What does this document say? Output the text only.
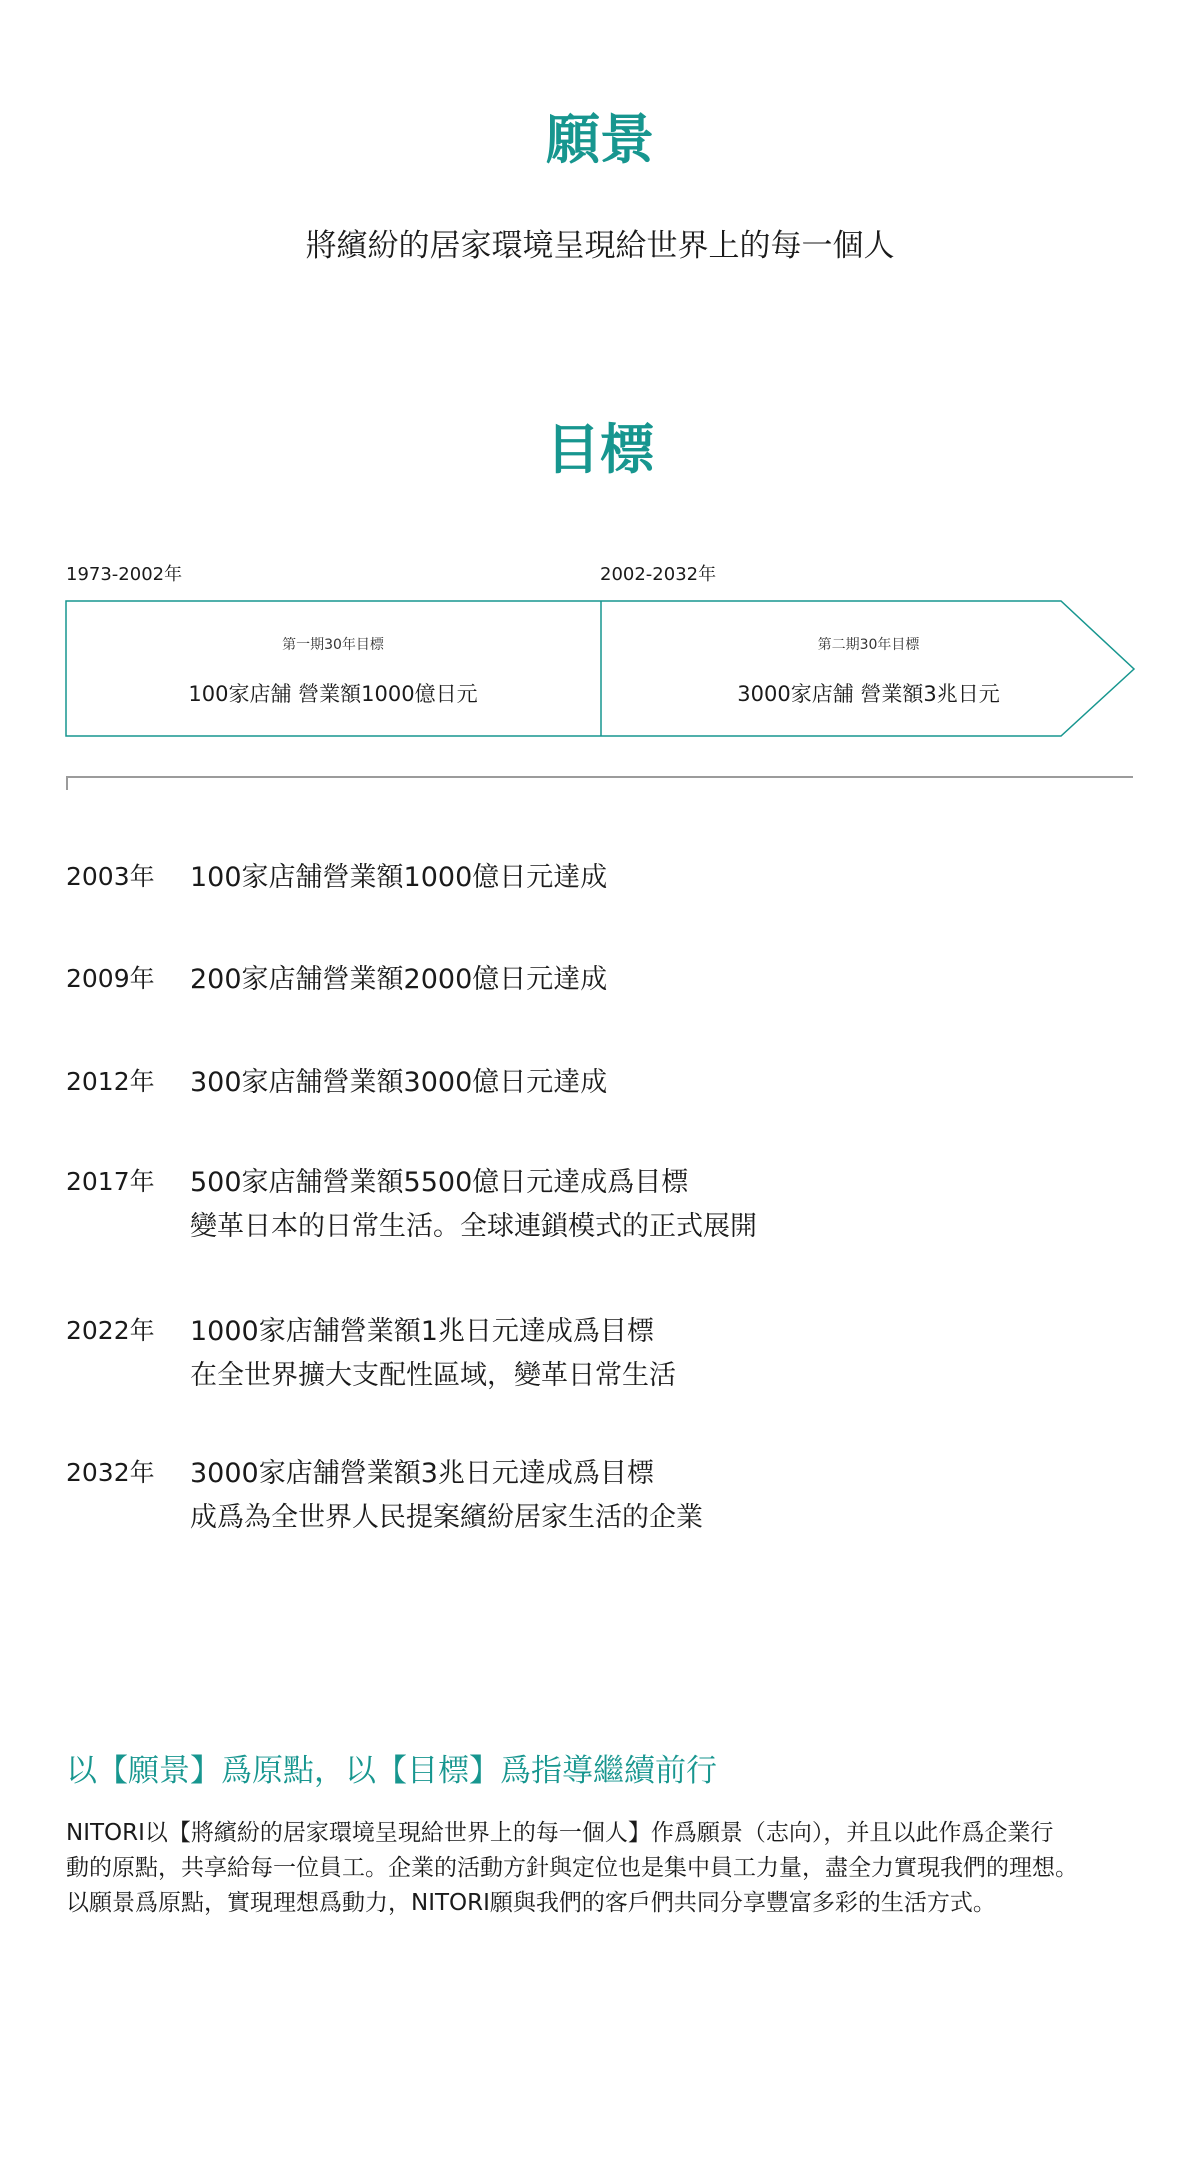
願景
將繽紛的居家環境呈現給世界上的每一個人
目標
1973-2002年	2002-2032年
第一期30年目標
100家店舗 營業額1000億日元
第二期30年目標
3000家店舗 營業額3兆日元
2003年 100家店舗營業額1000億日元達成
2009年 200家店舗營業額2000億日元達成
2012年 300家店舗營業額3000億日元達成
2017年 500家店舗營業額5500億日元達成爲目標
變革日本的日常生活。全球連鎖模式的正式展開
2022年 1000家店舗營業額1兆日元達成爲目標
在全世界擴大支配性區域，變革日常生活
2032年 3000家店舗營業額3兆日元達成爲目標
成爲為全世界人民提案繽紛居家生活的企業
以【願景】爲原點，以【目標】爲指導繼續前行
NITORI以【將繽紛的居家環境呈現給世界上的每一個人】作爲願景（志向），并且以此作爲企業行
動的原點，共享給每一位員工。企業的活動方針與定位也是集中員工力量，盡全力實現我們的理想。
以願景爲原點，實現理想爲動力，NITORI願與我們的客戶們共同分享豐富多彩的生活方式。
